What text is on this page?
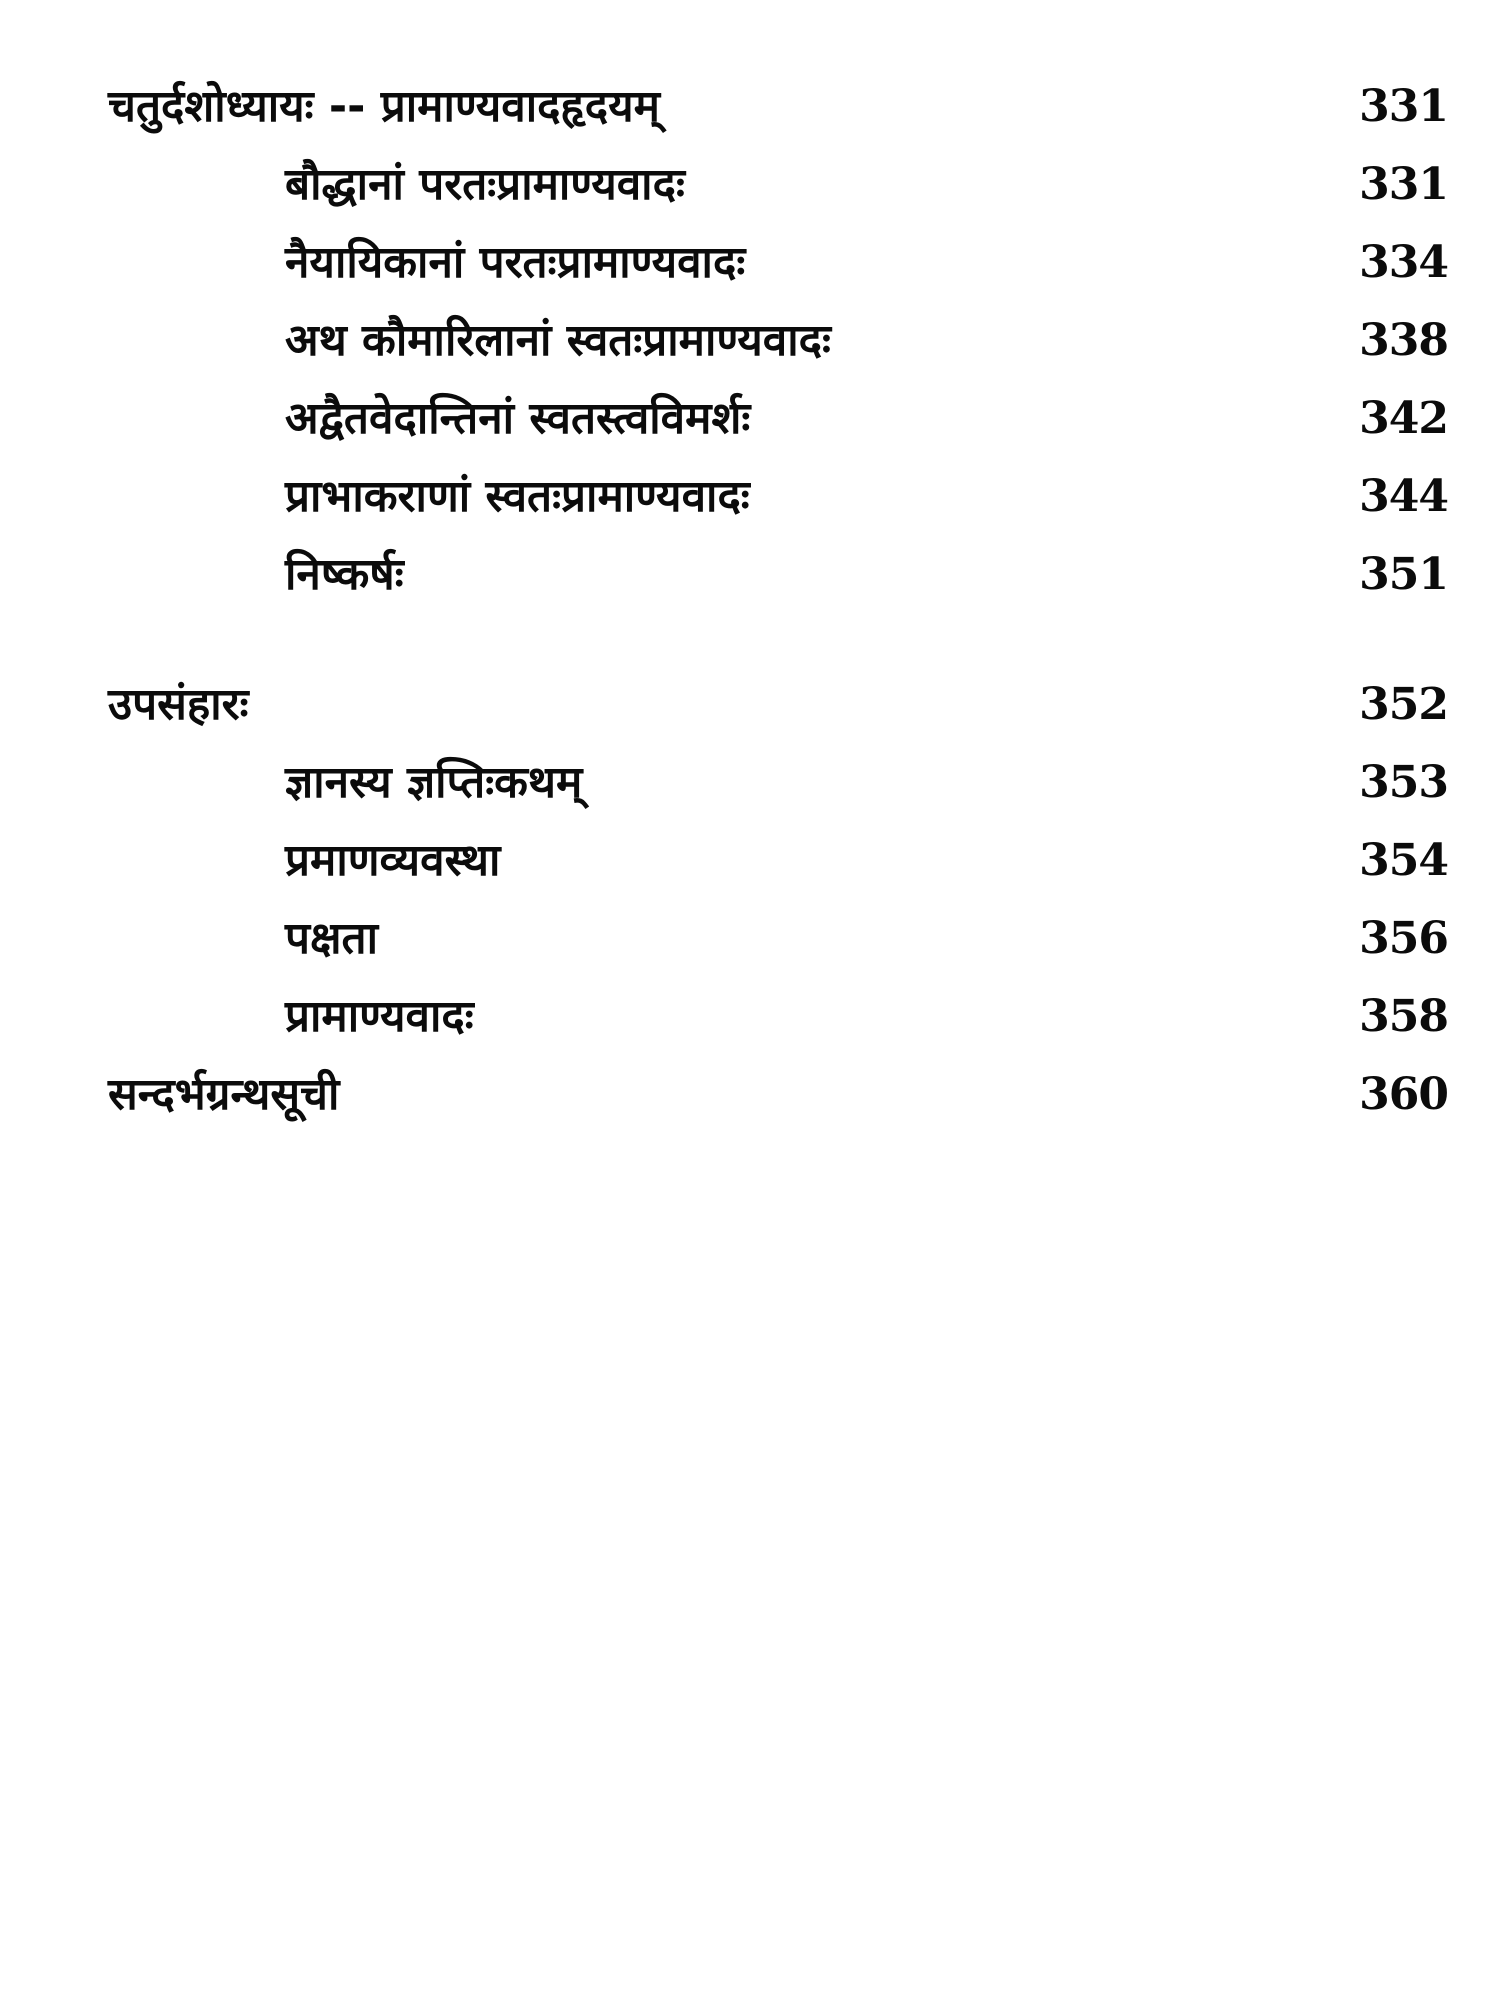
चतुर्दशोध्यायः -- प्रामाण्यवादहृदयम्	331
बौद्धानां परतःप्रामाण्यवादः	331
नैयायिकानां परतःप्रामाण्यवादः	334
अथ कौमारिलानां स्वतःप्रामाण्यवादः	338
अद्वैतवेदान्तिनां स्वतस्त्वविमर्शः	342
प्राभाकराणां स्वतःप्रामाण्यवादः	344
निष्कर्षः	351
उपसंहारः	352
ज्ञानस्य ज्ञप्तिःकथम्	353
प्रमाणव्यवस्था	354
पक्षता	356
प्रामाण्यवादः	358
सन्दर्भग्रन्थसूची	360
